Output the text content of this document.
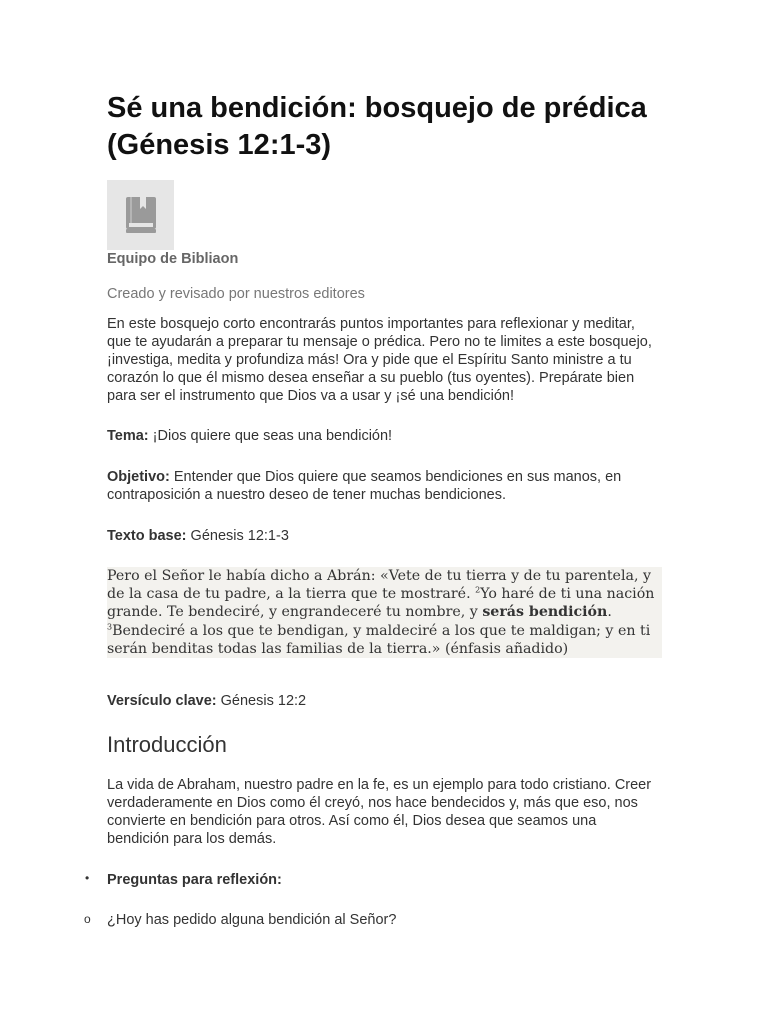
•
o
Sé una bendición: bosquejo de prédica (Génesis 12:1-3)
Equipo de Bibliaon
Creado y revisado por nuestros editores

En este bosquejo corto encontrarás puntos importantes para reflexionar y meditar, que te ayudarán a preparar tu mensaje o prédica. Pero no te limites a este bosquejo, ¡investiga, medita y profundiza más! Ora y pide que el Espíritu Santo ministre a tu corazón lo que él mismo desea enseñar a su pueblo (tus oyentes). Prepárate bien para ser el instrumento que Dios va a usar y ¡sé una bendición!

Tema: ¡Dios quiere que seas una bendición!

Objetivo: Entender que Dios quiere que seamos bendiciones en sus manos, en contraposición a nuestro deseo de tener muchas bendiciones.

Texto base: Génesis 12:1-3

Pero el Señor le había dicho a Abrán: «Vete de tu tierra y de tu parentela, y de la casa de tu padre, a la tierra que te mostraré. $^2$Yo haré de ti una nación grande. Te bendeciré, y engrandeceré tu nombre, y serás bendición. $^3$Bendeciré a los que te bendigan, y maldeciré a los que te maldigan; y en ti serán benditas todas las familias de la tierra.» (énfasis añadido)

Versículo clave: Génesis 12:2

Introducción

La vida de Abraham, nuestro padre en la fe, es un ejemplo para todo cristiano. Creer verdaderamente en Dios como él creyó, nos hace bendecidos y, más que eso, nos convierte en bendición para otros. Así como él, Dios desea que seamos una bendición para los demás.

Preguntas para reflexión:

¿Hoy has pedido alguna bendición al Señor?
